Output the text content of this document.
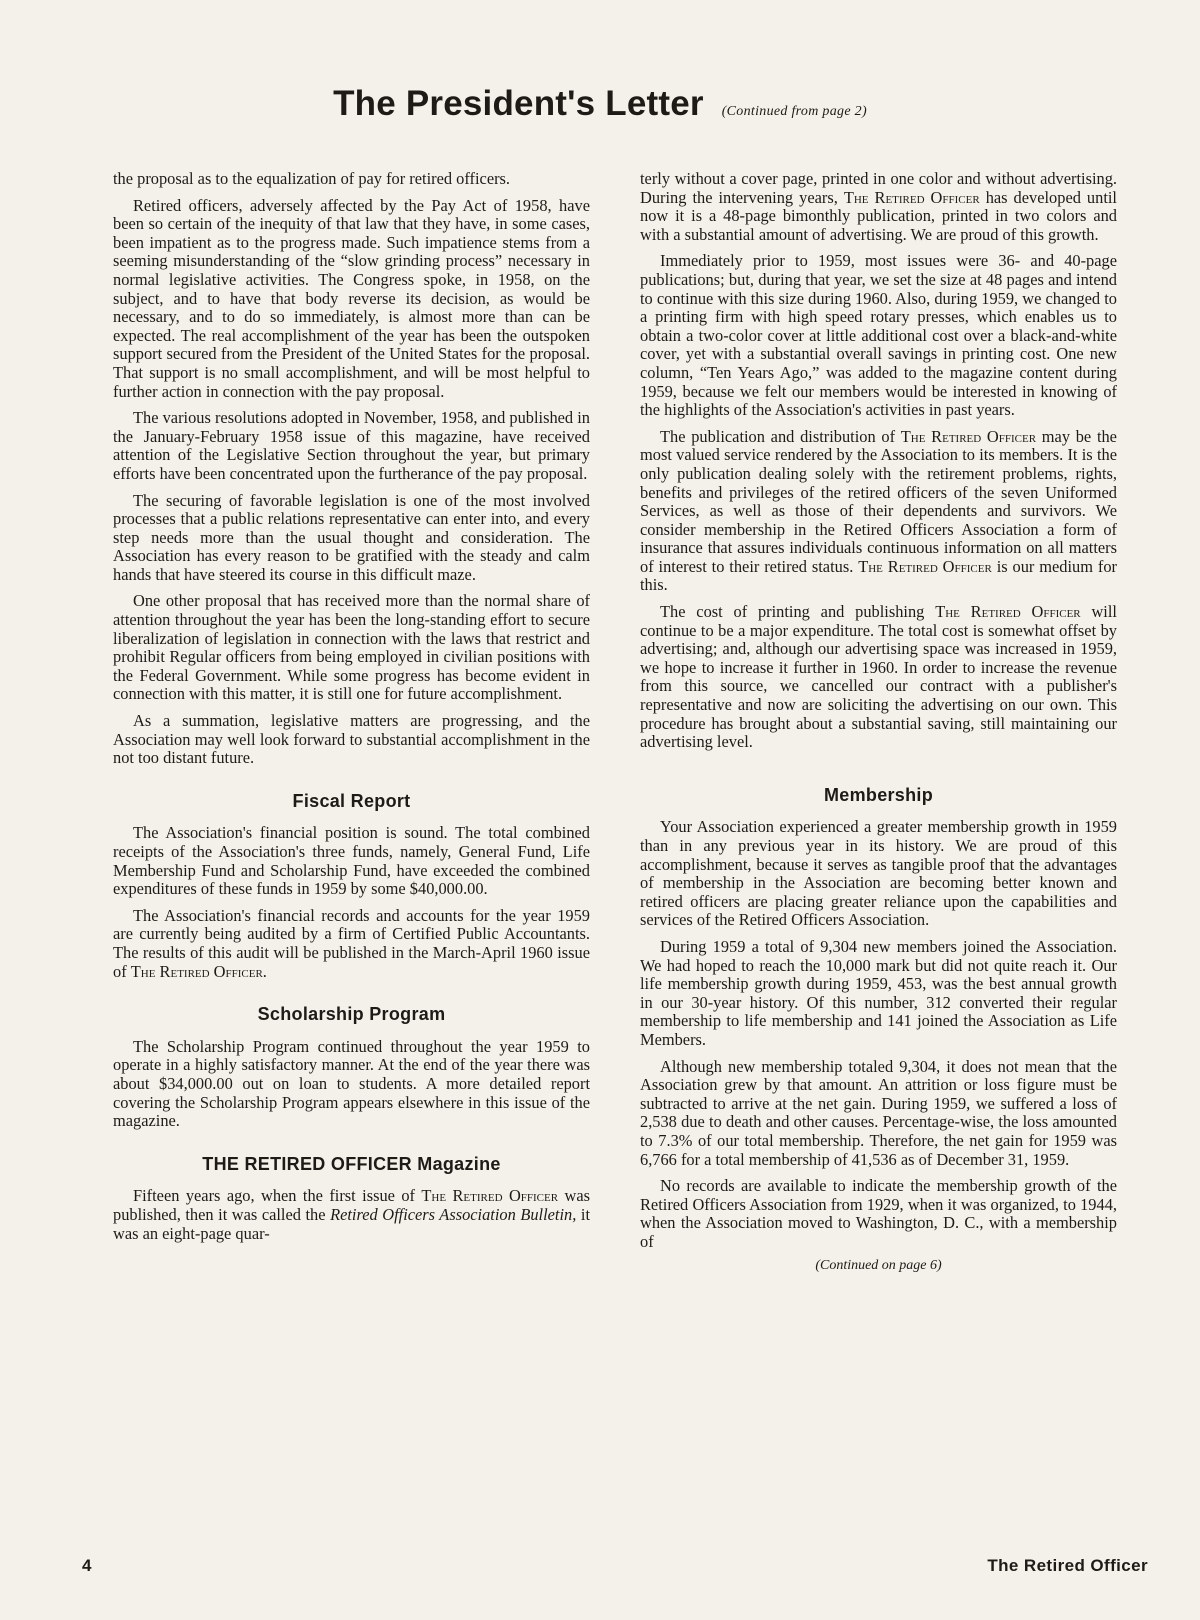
The President's Letter (Continued from page 2)

the proposal as to the equalization of pay for retired officers.

Retired officers, adversely affected by the Pay Act of 1958, have been so certain of the inequity of that law that they have, in some cases, been impatient as to the progress made. Such impatience stems from a seeming misunderstanding of the “slow grinding process” necessary in normal legislative activities. The Congress spoke, in 1958, on the subject, and to have that body reverse its decision, as would be necessary, and to do so immediately, is almost more than can be expected. The real accomplishment of the year has been the outspoken support secured from the President of the United States for the proposal. That support is no small accomplishment, and will be most helpful to further action in connection with the pay proposal.

The various resolutions adopted in November, 1958, and published in the January-February 1958 issue of this magazine, have received attention of the Legislative Section throughout the year, but primary efforts have been concentrated upon the furtherance of the pay proposal.

The securing of favorable legislation is one of the most involved processes that a public relations representative can enter into, and every step needs more than the usual thought and consideration. The Association has every reason to be gratified with the steady and calm hands that have steered its course in this difficult maze.

One other proposal that has received more than the normal share of attention throughout the year has been the long-standing effort to secure liberalization of legislation in connection with the laws that restrict and prohibit Regular officers from being employed in civilian positions with the Federal Government. While some progress has become evident in connection with this matter, it is still one for future accomplishment.

As a summation, legislative matters are progressing, and the Association may well look forward to substantial accomplishment in the not too distant future.

Fiscal Report

The Association's financial position is sound. The total combined receipts of the Association's three funds, namely, General Fund, Life Membership Fund and Scholarship Fund, have exceeded the combined expenditures of these funds in 1959 by some $40,000.00.

The Association's financial records and accounts for the year 1959 are currently being audited by a firm of Certified Public Accountants. The results of this audit will be published in the March-April 1960 issue of The Retired Officer.

Scholarship Program

The Scholarship Program continued throughout the year 1959 to operate in a highly satisfactory manner. At the end of the year there was about $34,000.00 out on loan to students. A more detailed report covering the Scholarship Program appears elsewhere in this issue of the magazine.

THE RETIRED OFFICER Magazine

Fifteen years ago, when the first issue of The Retired Officer was published, then it was called the Retired Officers Association Bulletin, it was an eight-page quar-

terly without a cover page, printed in one color and without advertising. During the intervening years, The Retired Officer has developed until now it is a 48-page bimonthly publication, printed in two colors and with a substantial amount of advertising. We are proud of this growth.

Immediately prior to 1959, most issues were 36- and 40-page publications; but, during that year, we set the size at 48 pages and intend to continue with this size during 1960. Also, during 1959, we changed to a printing firm with high speed rotary presses, which enables us to obtain a two-color cover at little additional cost over a black-and-white cover, yet with a substantial overall savings in printing cost. One new column, “Ten Years Ago,” was added to the magazine content during 1959, because we felt our members would be interested in knowing of the highlights of the Association's activities in past years.

The publication and distribution of The Retired Officer may be the most valued service rendered by the Association to its members. It is the only publication dealing solely with the retirement problems, rights, benefits and privileges of the retired officers of the seven Uniformed Services, as well as those of their dependents and survivors. We consider membership in the Retired Officers Association a form of insurance that assures individuals continuous information on all matters of interest to their retired status. The Retired Officer is our medium for this.

The cost of printing and publishing The Retired Officer will continue to be a major expenditure. The total cost is somewhat offset by advertising; and, although our advertising space was increased in 1959, we hope to increase it further in 1960. In order to increase the revenue from this source, we cancelled our contract with a publisher's representative and now are soliciting the advertising on our own. This procedure has brought about a substantial saving, still maintaining our advertising level.

Membership

Your Association experienced a greater membership growth in 1959 than in any previous year in its history. We are proud of this accomplishment, because it serves as tangible proof that the advantages of membership in the Association are becoming better known and retired officers are placing greater reliance upon the capabilities and services of the Retired Officers Association.

During 1959 a total of 9,304 new members joined the Association. We had hoped to reach the 10,000 mark but did not quite reach it. Our life membership growth during 1959, 453, was the best annual growth in our 30-year history. Of this number, 312 converted their regular membership to life membership and 141 joined the Association as Life Members.

Although new membership totaled 9,304, it does not mean that the Association grew by that amount. An attrition or loss figure must be subtracted to arrive at the net gain. During 1959, we suffered a loss of 2,538 due to death and other causes. Percentage-wise, the loss amounted to 7.3% of our total membership. Therefore, the net gain for 1959 was 6,766 for a total membership of 41,536 as of December 31, 1959.

No records are available to indicate the membership growth of the Retired Officers Association from 1929, when it was organized, to 1944, when the Association moved to Washington, D. C., with a membership of

(Continued on page 6)
4	The Retired Officer
